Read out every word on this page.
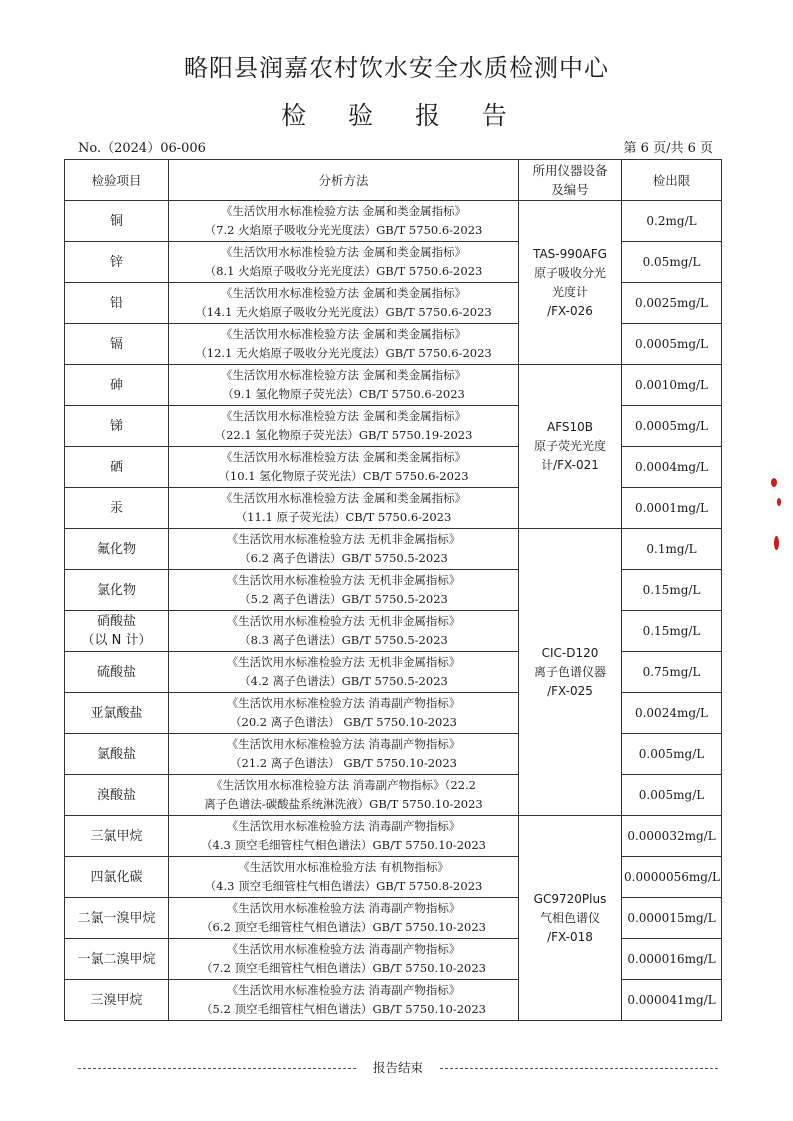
略阳县润嘉农村饮水安全水质检测中心
检 验 报 告
No.（2024）06-006	第 6 页/共 6 页
检验项目	分析方法	所用仪器设备
及编号	检出限
铜	《生活饮用水标准检验方法 金属和类金属指标》
（7.2 火焰原子吸收分光光度法）GB/T 5750.6-2023	TAS-990AFG
原子吸收分光
光度计
/FX-026	0.2mg/L
锌	《生活饮用水标准检验方法 金属和类金属指标》
（8.1 火焰原子吸收分光光度法）GB/T 5750.6-2023		0.05mg/L
铅	《生活饮用水标准检验方法 金属和类金属指标》
（14.1 无火焰原子吸收分光光度法）GB/T 5750.6-2023		0.0025mg/L
镉	《生活饮用水标准检验方法 金属和类金属指标》
（12.1 无火焰原子吸收分光光度法）GB/T 5750.6-2023		0.0005mg/L
砷	《生活饮用水标准检验方法 金属和类金属指标》
（9.1 氢化物原子荧光法）CB/T 5750.6-2023	AFS10B
原子荧光光度
计/FX-021	0.0010mg/L
锑	《生活饮用水标准检验方法 金属和类金属指标》
（22.1 氢化物原子荧光法）GB/T 5750.19-2023		0.0005mg/L
硒	《生活饮用水标准检验方法 金属和类金属指标》
（10.1 氢化物原子荧光法）CB/T 5750.6-2023		0.0004mg/L
汞	《生活饮用水标准检验方法 金属和类金属指标》
（11.1 原子荧光法）CB/T 5750.6-2023		0.0001mg/L
氟化物	《生活饮用水标准检验方法 无机非金属指标》
（6.2 离子色谱法）GB/T 5750.5-2023	CIC-D120
离子色谱仪器
/FX-025	0.1mg/L
氯化物	《生活饮用水标准检验方法 无机非金属指标》
（5.2 离子色谱法）GB/T 5750.5-2023		0.15mg/L
硝酸盐
（以 N 计）	《生活饮用水标准检验方法 无机非金属指标》
（8.3 离子色谱法）GB/T 5750.5-2023		0.15mg/L
硫酸盐	《生活饮用水标准检验方法 无机非金属指标》
（4.2 离子色谱法）GB/T 5750.5-2023		0.75mg/L
亚氯酸盐	《生活饮用水标准检验方法 消毒副产物指标》
（20.2 离子色谱法） GB/T 5750.10-2023		0.0024mg/L
氯酸盐	《生活饮用水标准检验方法 消毒副产物指标》
（21.2 离子色谱法） GB/T 5750.10-2023		0.005mg/L
溴酸盐	《生活饮用水标准检验方法 消毒副产物指标》（22.2
离子色谱法-碳酸盐系统淋洗液）GB/T 5750.10-2023		0.005mg/L
三氯甲烷	《生活饮用水标准检验方法 消毒副产物指标》
（4.3 顶空毛细管柱气相色谱法）GB/T 5750.10-2023	GC9720Plus
气相色谱仪
/FX-018	0.000032mg/L
四氯化碳	《生活饮用水标准检验方法 有机物指标》
（4.3 顶空毛细管柱气相色谱法）GB/T 5750.8-2023		0.0000056mg/L
二氯一溴甲烷	《生活饮用水标准检验方法 消毒副产物指标》
（6.2 顶空毛细管柱气相色谱法）GB/T 5750.10-2023		0.000015mg/L
一氯二溴甲烷	《生活饮用水标准检验方法 消毒副产物指标》
（7.2 顶空毛细管柱气相色谱法）GB/T 5750.10-2023		0.000016mg/L
三溴甲烷	《生活饮用水标准检验方法 消毒副产物指标》
（5.2 顶空毛细管柱气相色谱法）GB/T 5750.10-2023		0.000041mg/L
报告结束
